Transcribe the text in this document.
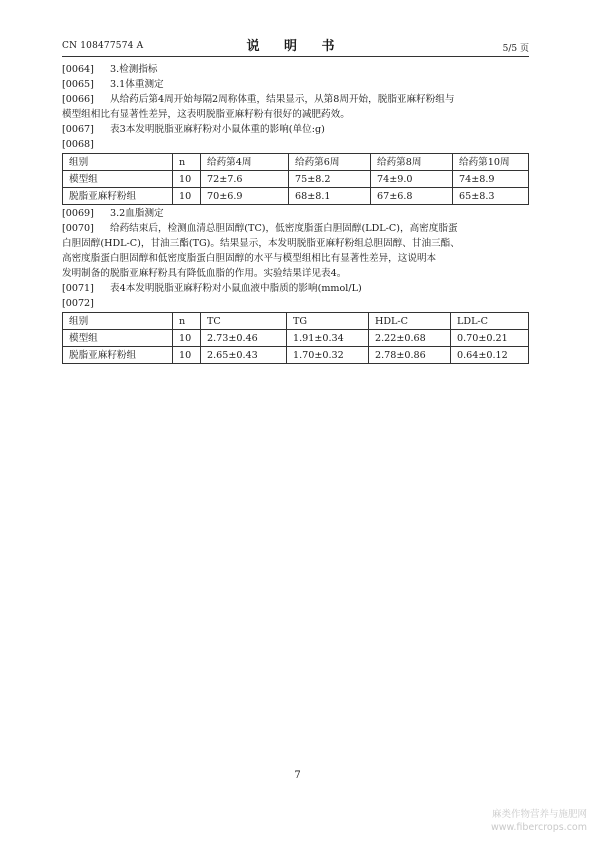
CN 108477574 A	说 明 书	5/5 页

[0064] 3.检测指标

[0065] 3.1体重测定

[0066] 从给药后第4周开始每隔2周称体重，结果显示，从第8周开始，脱脂亚麻籽粉组与

模型组相比有显著性差异，这表明脱脂亚麻籽粉有很好的减肥药效。

[0067] 表3本发明脱脂亚麻籽粉对小鼠体重的影响(单位:g)

[0068]

组别	n	给药第4周	给药第6周	给药第8周	给药第10周
模型组	10	72±7.6	75±8.2	74±9.0	74±8.9
脱脂亚麻籽粉组	10	70±6.9	68±8.1	67±6.8	65±8.3

[0069] 3.2血脂测定

[0070] 给药结束后，检测血清总胆固醇(TC)，低密度脂蛋白胆固醇(LDL-C)，高密度脂蛋

白胆固醇(HDL-C)，甘油三酯(TG)。结果显示，本发明脱脂亚麻籽粉组总胆固醇、甘油三酯、

高密度脂蛋白胆固醇和低密度脂蛋白胆固醇的水平与模型组相比有显著性差异，这说明本

发明制备的脱脂亚麻籽粉具有降低血脂的作用。实验结果详见表4。

[0071] 表4本发明脱脂亚麻籽粉对小鼠血液中脂质的影响(mmol/L)

[0072]

组别	n	TC	TG	HDL-C	LDL-C
模型组	10	2.73±0.46	1.91±0.34	2.22±0.68	0.70±0.21
脱脂亚麻籽粉组	10	2.65±0.43	1.70±0.32	2.78±0.86	0.64±0.12
7
麻类作物营养与施肥网
www.fibercrops.com
